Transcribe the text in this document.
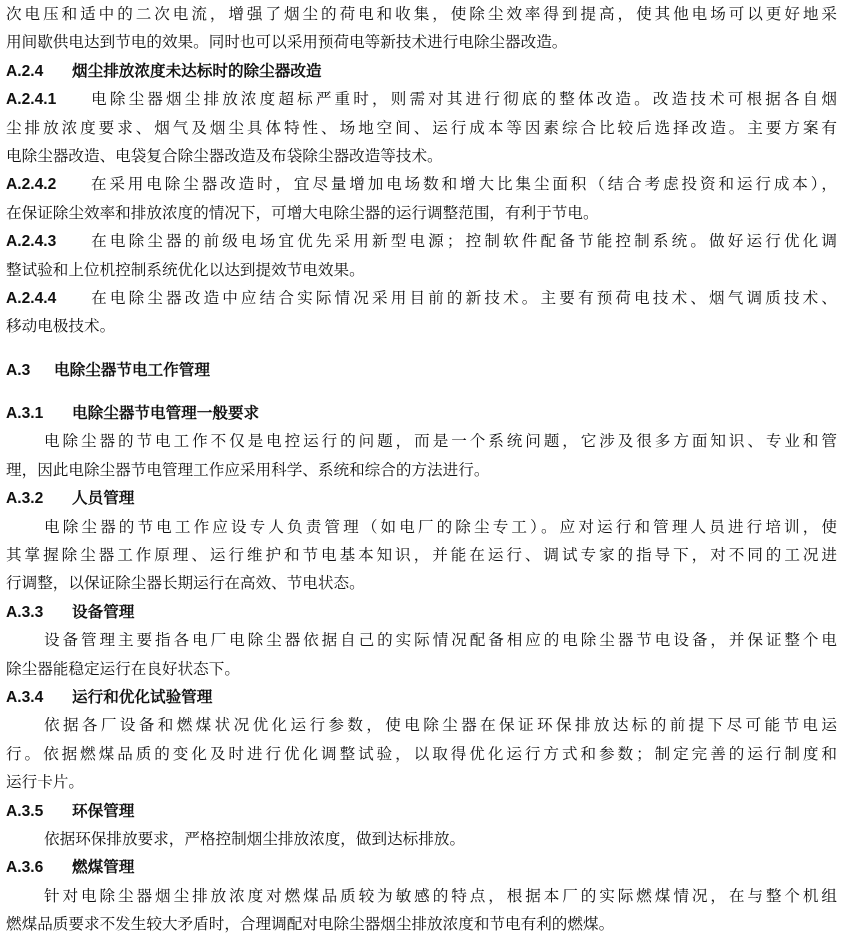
次电压和适中的二次电流，增强了烟尘的荷电和收集，使除尘效率得到提高，使其他电场可以更好地采
用间歇供电达到节电的效果。同时也可以采用预荷电等新技术进行电除尘器改造。
A.2.4 烟尘排放浓度未达标时的除尘器改造
A.2.4.1 电除尘器烟尘排放浓度超标严重时，则需对其进行彻底的整体改造。改造技术可根据各自烟
尘排放浓度要求、烟气及烟尘具体特性、场地空间、运行成本等因素综合比较后选择改造。主要方案有
电除尘器改造、电袋复合除尘器改造及布袋除尘器改造等技术。
A.2.4.2 在采用电除尘器改造时，宜尽量增加电场数和增大比集尘面积（结合考虑投资和运行成本），
在保证除尘效率和排放浓度的情况下，可增大电除尘器的运行调整范围，有利于节电。
A.2.4.3 在电除尘器的前级电场宜优先采用新型电源；控制软件配备节能控制系统。做好运行优化调
整试验和上位机控制系统优化以达到提效节电效果。
A.2.4.4 在电除尘器改造中应结合实际情况采用目前的新技术。主要有预荷电技术、烟气调质技术、
移动电极技术。
A.3 电除尘器节电工作管理
A.3.1 电除尘器节电管理一般要求
电除尘器的节电工作不仅是电控运行的问题，而是一个系统问题，它涉及很多方面知识、专业和管
理，因此电除尘器节电管理工作应采用科学、系统和综合的方法进行。
A.3.2 人员管理
电除尘器的节电工作应设专人负责管理（如电厂的除尘专工）。应对运行和管理人员进行培训，使
其掌握除尘器工作原理、运行维护和节电基本知识，并能在运行、调试专家的指导下，对不同的工况进
行调整，以保证除尘器长期运行在高效、节电状态。
A.3.3 设备管理
设备管理主要指各电厂电除尘器依据自己的实际情况配备相应的电除尘器节电设备，并保证整个电
除尘器能稳定运行在良好状态下。
A.3.4 运行和优化试验管理
依据各厂设备和燃煤状况优化运行参数，使电除尘器在保证环保排放达标的前提下尽可能节电运
行。依据燃煤品质的变化及时进行优化调整试验，以取得优化运行方式和参数；制定完善的运行制度和
运行卡片。
A.3.5 环保管理
依据环保排放要求，严格控制烟尘排放浓度，做到达标排放。
A.3.6 燃煤管理
针对电除尘器烟尘排放浓度对燃煤品质较为敏感的特点，根据本厂的实际燃煤情况，在与整个机组
燃煤品质要求不发生较大矛盾时，合理调配对电除尘器烟尘排放浓度和节电有利的燃煤。
